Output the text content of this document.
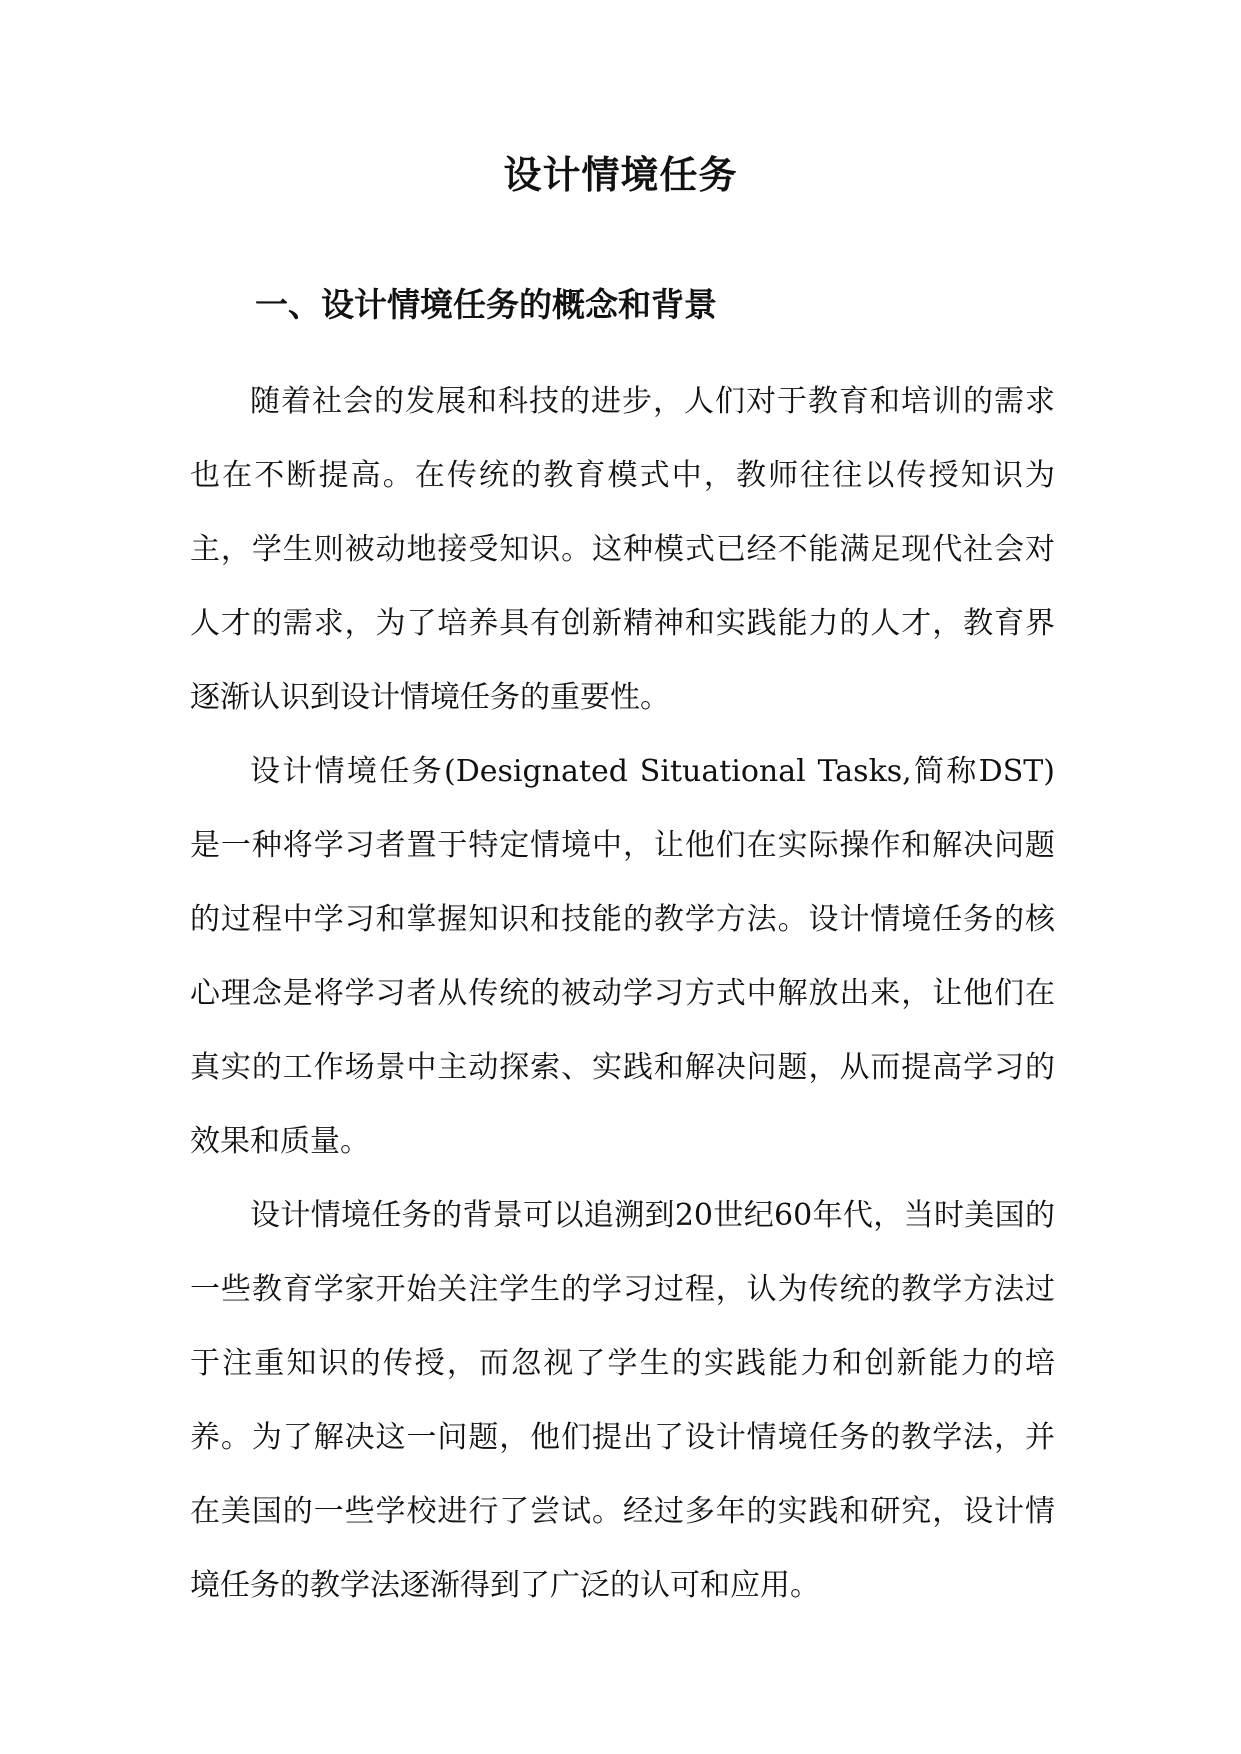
设计情境任务
一、设计情境任务的概念和背景

随着社会的发展和科技的进步，人们对于教育和培训的需求也在不断提高。在传统的教育模式中，教师往往以传授知识为主，学生则被动地接受知识。这种模式已经不能满足现代社会对人才的需求，为了培养具有创新精神和实践能力的人才，教育界逐渐认识到设计情境任务的重要性。

设计情境任务(Designated Situational Tasks,简称DST)是一种将学习者置于特定情境中，让他们在实际操作和解决问题的过程中学习和掌握知识和技能的教学方法。设计情境任务的核心理念是将学习者从传统的被动学习方式中解放出来，让他们在真实的工作场景中主动探索、实践和解决问题，从而提高学习的效果和质量。

设计情境任务的背景可以追溯到20世纪60年代，当时美国的一些教育学家开始关注学生的学习过程，认为传统的教学方法过于注重知识的传授，而忽视了学生的实践能力和创新能力的培养。为了解决这一问题，他们提出了设计情境任务的教学法，并在美国的一些学校进行了尝试。经过多年的实践和研究，设计情境任务的教学法逐渐得到了广泛的认可和应用。
